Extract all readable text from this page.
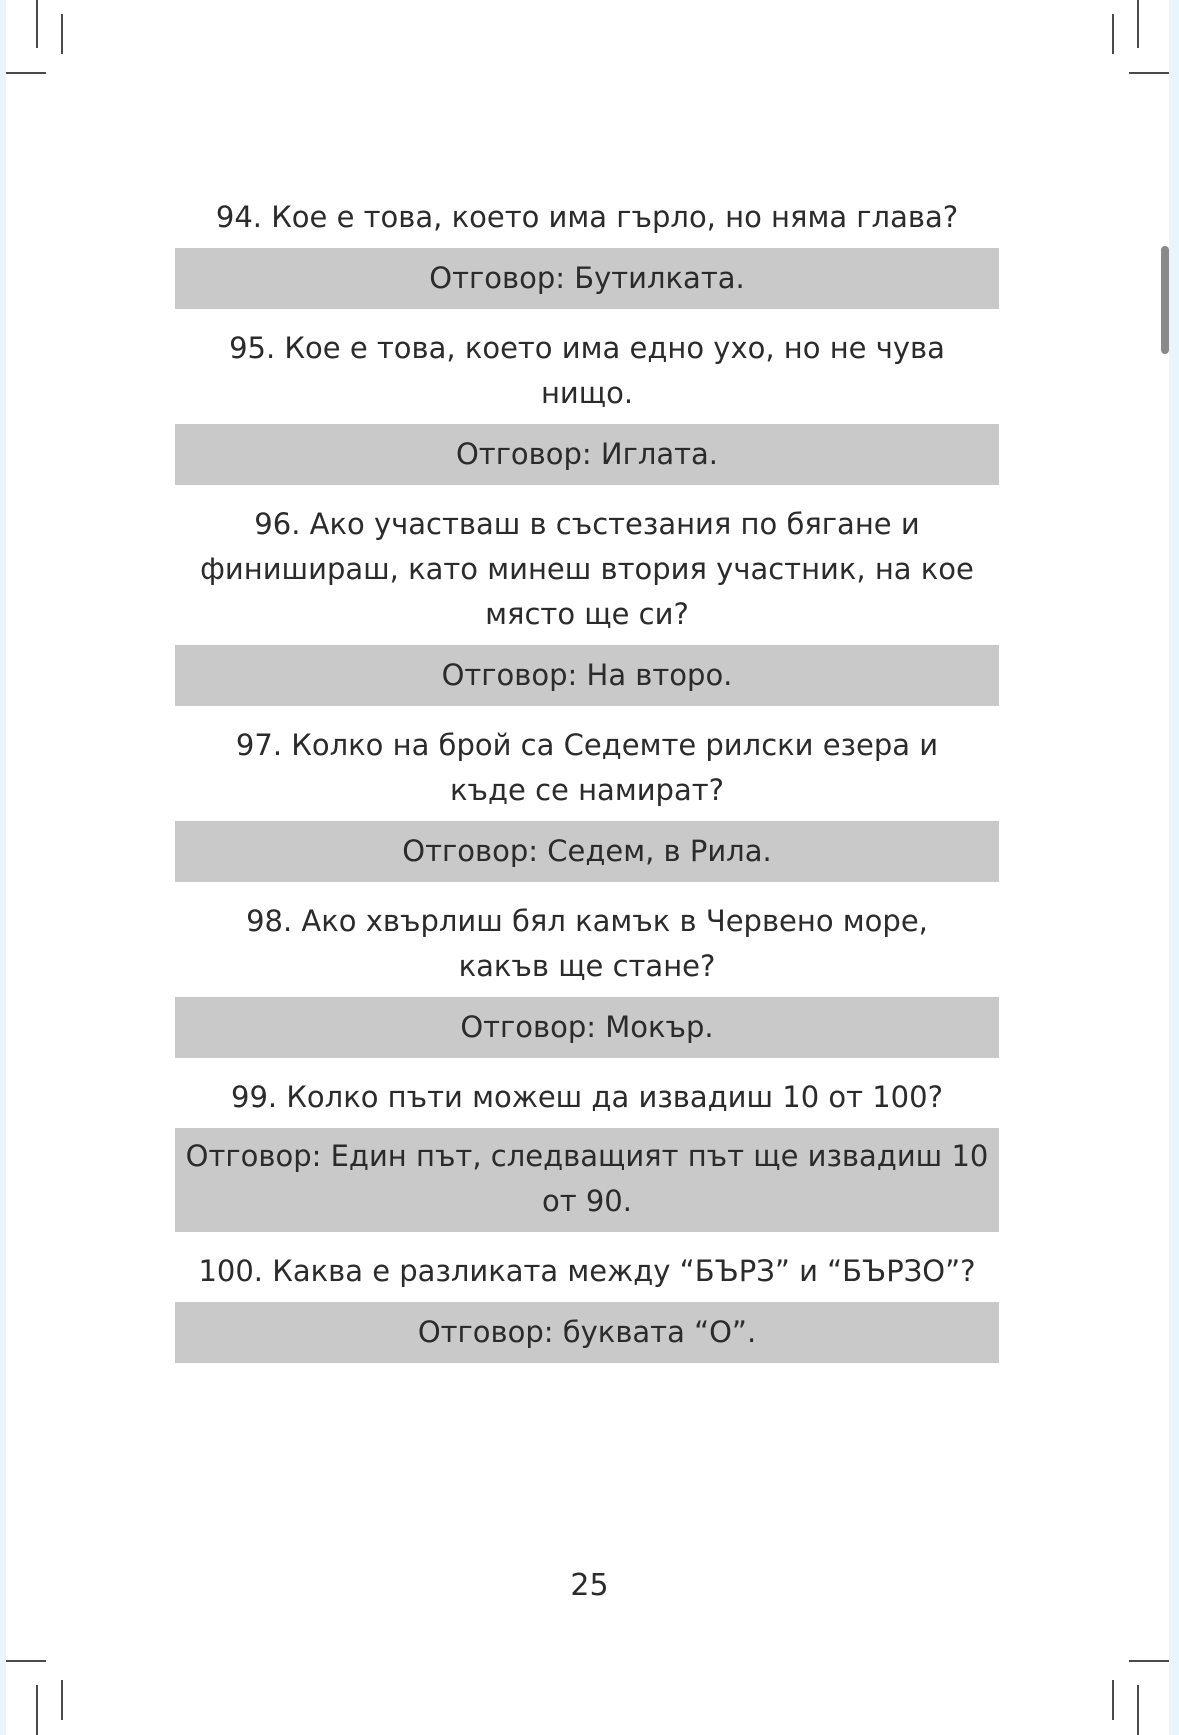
94. Кое е това, което има гърло, но няма глава?

Отговор: Бутилката.

95. Кое е това, което има едно ухо, но не чува нищо.

Отговор: Иглата.

96. Ако участваш в състезания по бягане и финишираш, като минеш втория участник, на кое място ще си?

Отговор: На второ.

97. Колко на брой са Седемте рилски езера и къде се намират?

Отговор: Седем, в Рила.

98. Ако хвърлиш бял камък в Червено море, какъв ще стане?

Отговор: Мокър.

99. Колко пъти можеш да извадиш 10 от 100?

Отговор: Един път, следващият път ще извадиш 10 от 90.

100. Каква е разликата между “БЪРЗ” и “БЪРЗО”?

Отговор: буквата “О”.
25
